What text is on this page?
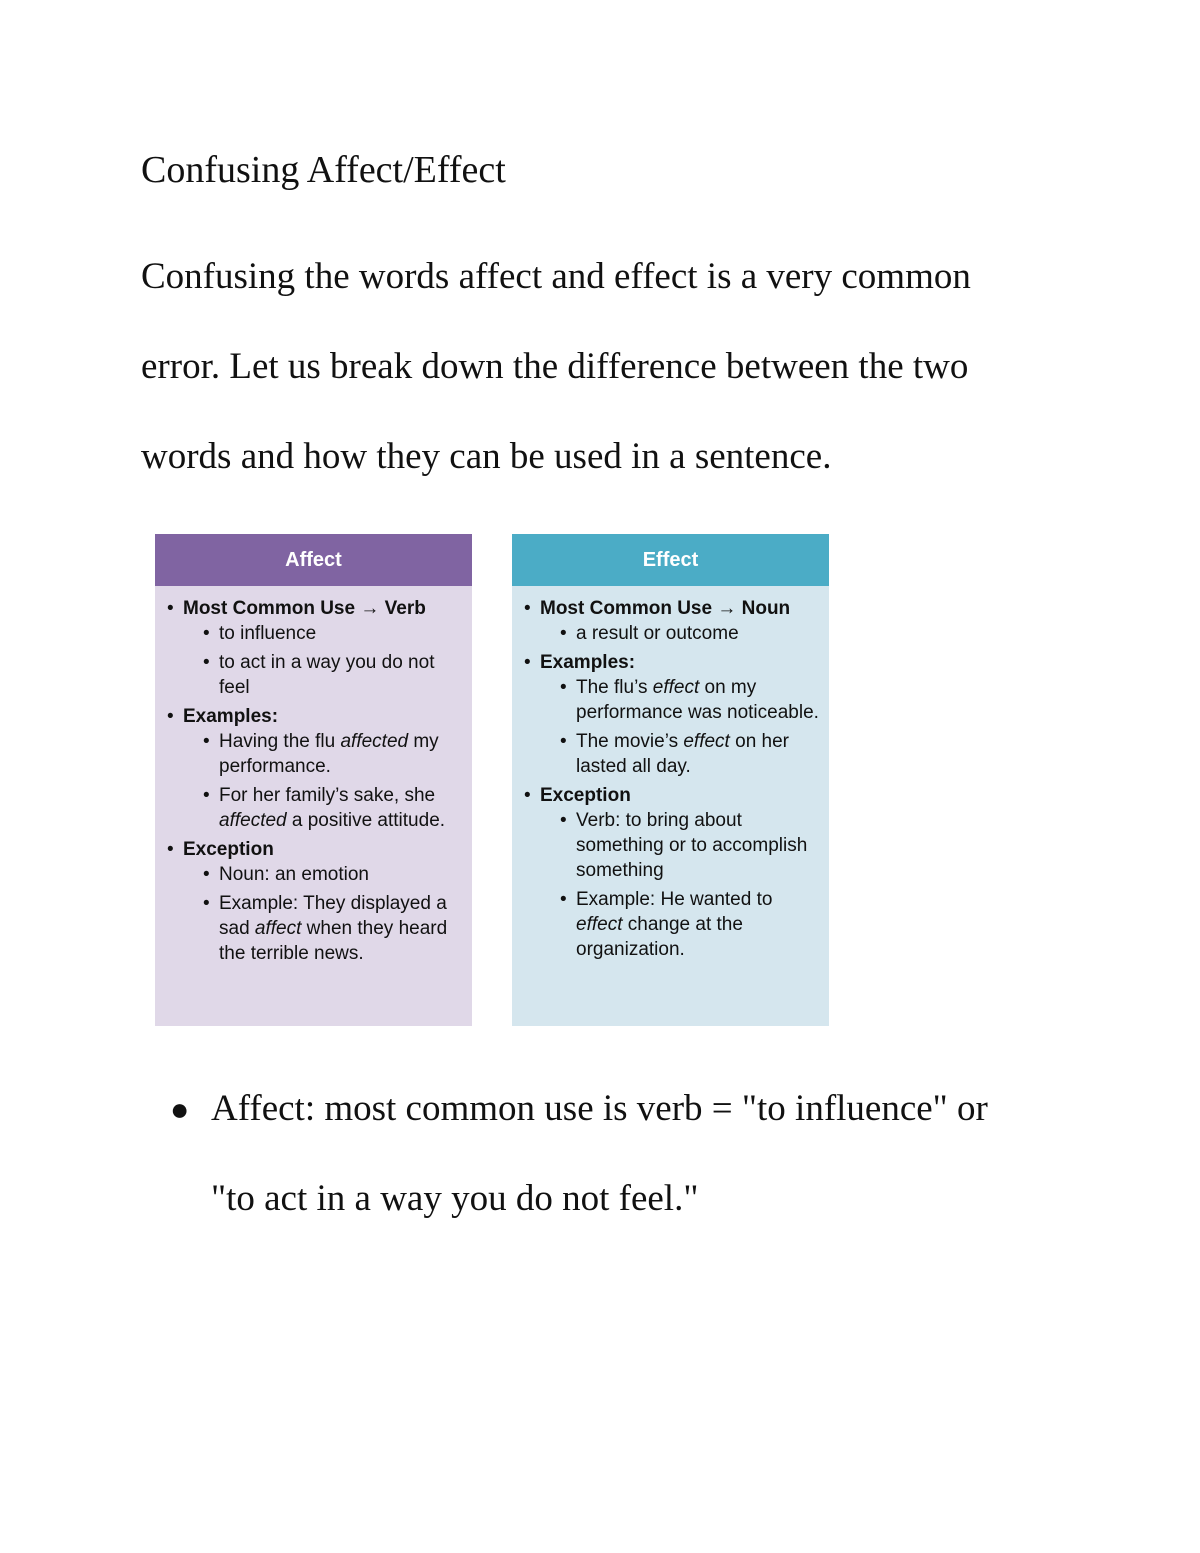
Confusing Affect/Effect
Confusing the words affect and effect is a very common
error. Let us break down the difference between the two
words and how they can be used in a sentence.
Affect
• Most Common Use → Verb
• to influence
• to act in a way you do not feel
• Examples:
• Having the flu affected my performance.
• For her family’s sake, she affected a positive attitude.
• Exception
• Noun: an emotion
• Example: They displayed a sad affect when they heard the terrible news.
Effect
• Most Common Use → Noun
• a result or outcome
• Examples:
• The flu’s effect on my performance was noticeable.
• The movie’s effect on her lasted all day.
• Exception
• Verb: to bring about something or to accomplish something
• Example: He wanted to effect change at the organization.
● Affect: most common use is verb = "to influence" or
"to act in a way you do not feel."
